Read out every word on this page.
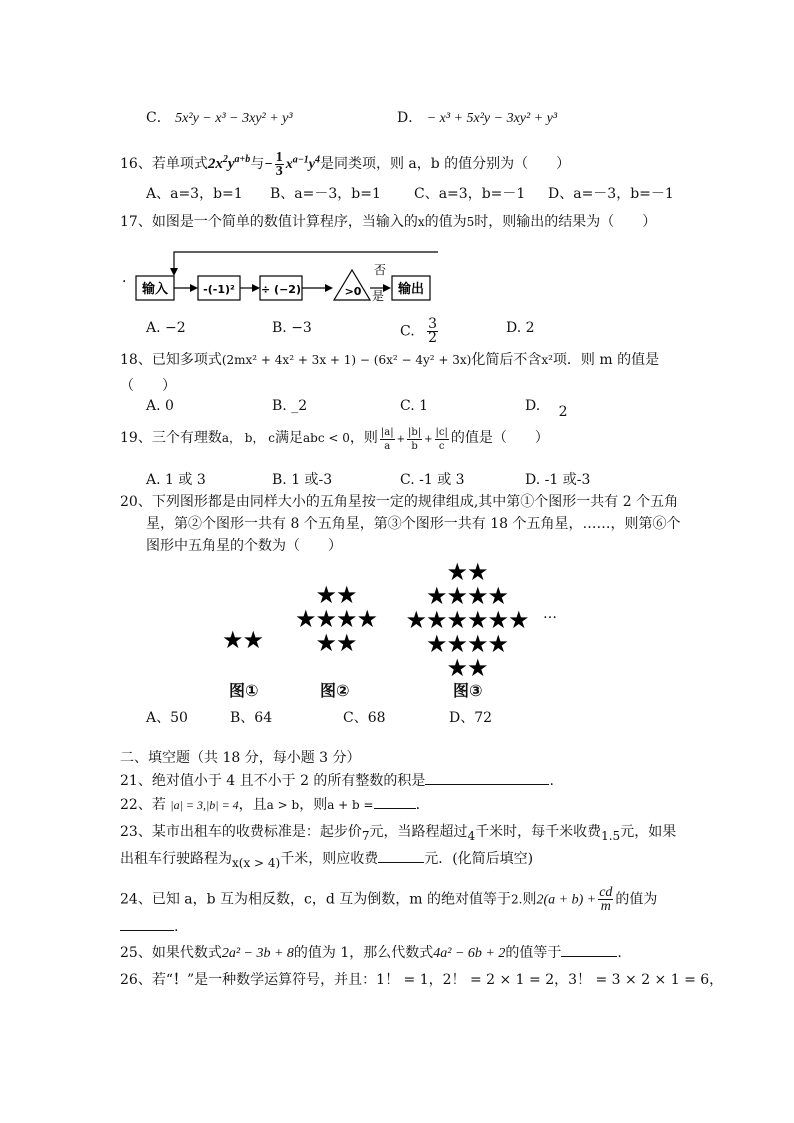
C． 5x²y − x³ − 3xy² + y³	D． − x³ + 5x²y − 3xy² + y³
16、若单项式$2x^2y^{a+b}$与− $\frac{1}{3} x^{a-1}y^4$是同类项，则 a，b 的值分别为（　　）
A、a=3，b=1 B、a=－3，b=1 C、a=3，b=－1 D、a=－3，b=－1
17、如图是一个简单的数值计算程序，当输入的x的值为5时，则输出的结果为（　　）
· 输入	-(-1)² ÷ (−2)	>0
否
是 输出
A. −2	B. −3	C. $\frac{3}{2}$	D. 2
18、已知多项式(2mx² + 4x² + 3x + 1) − (6x² − 4y² + 3x)化简后不含x²项．则 m 的值是
（　　）
A. 0	B. _2	C. 1	D. 2
19、三个有理数a， b， c满足abc < 0，则 $\frac{|a|}{a} + \frac{|b|}{b} + \frac{|c|}{c}$ 的值是（　　）
A. 1 或 3	B. 1 或-3	C. -1 或 3	D. -1 或-3
20、下列图形都是由同样大小的五角星按一定的规律组成,其中第①个图形一共有 2 个五角
星，第②个图形一共有 8 个五角星，第③个图形一共有 18 个五角星，……，则第⑥个
图形中五角星的个数为（　　）
★★
★★
★★★★
★★
★★
★★★★
★★★★★★
★★★★
★★
…
图①	图②	图③
A、50	B、64	C、68	D、72
二、填空题（共 18 分，每小题 3 分）
21、绝对值小于 4 且不小于 2 的所有整数的积是	.
22、若 |a| = 3,|b| = 4，且a > b，则a + b =	.
23、某市出租车的收费标准是：起步价7元，当路程超过4千米时，每千米收费1.5元，如果
出租车行驶路程为x(x > 4)千米，则应收费	元．(化简后填空)
24、已知 a，b 互为相反数，c，d 互为倒数，m 的绝对值等于2.则$2(a + b) + \frac{cd}{m}$ 的值为
.
25、如果代数式2a² − 3b + 8的值为 1，那么代数式4a² − 6b + 2的值等于	.
26、若“！”是一种数学运算符号，并且：1！ = 1，2！ = 2 × 1 = 2，3！ = 3 × 2 × 1 = 6，
